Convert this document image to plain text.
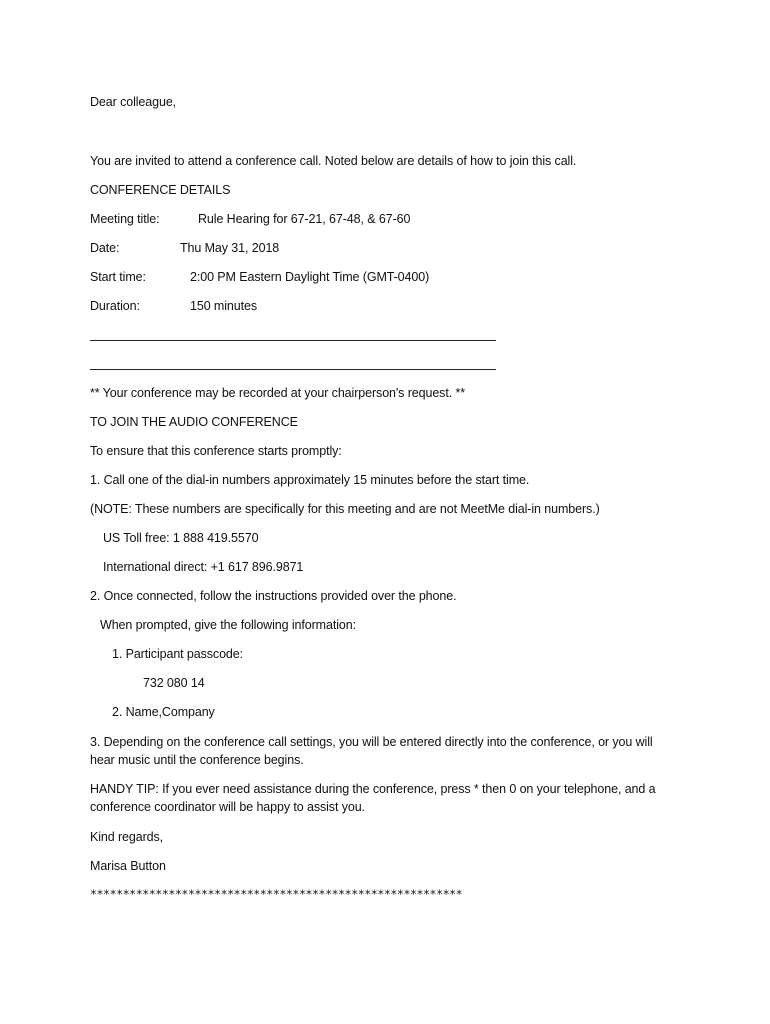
Dear colleague,
You are invited to attend a conference call. Noted below are details of how to join this call.
CONFERENCE DETAILS
Meeting title:	Rule Hearing for 67-21, 67-48, & 67-60
Date:	Thu May 31, 2018
Start time:	2:00 PM Eastern Daylight Time (GMT-0400)
Duration:	150 minutes
** Your conference may be recorded at your chairperson's request. **
TO JOIN THE AUDIO CONFERENCE
To ensure that this conference starts promptly:
1. Call one of the dial-in numbers approximately 15 minutes before the start time.
(NOTE: These numbers are specifically for this meeting and are not MeetMe dial-in numbers.)
US Toll free: 1 888 419.5570
International direct: +1 617 896.9871
2. Once connected, follow the instructions provided over the phone.
When prompted, give the following information:
1. Participant passcode:
732 080 14
2. Name,Company
3. Depending on the conference call settings, you will be entered directly into the conference, or you will hear music until the conference begins.
HANDY TIP: If you ever need assistance during the conference, press * then 0 on your telephone, and a conference coordinator will be happy to assist you.
Kind regards,
Marisa Button
*********************************************************
